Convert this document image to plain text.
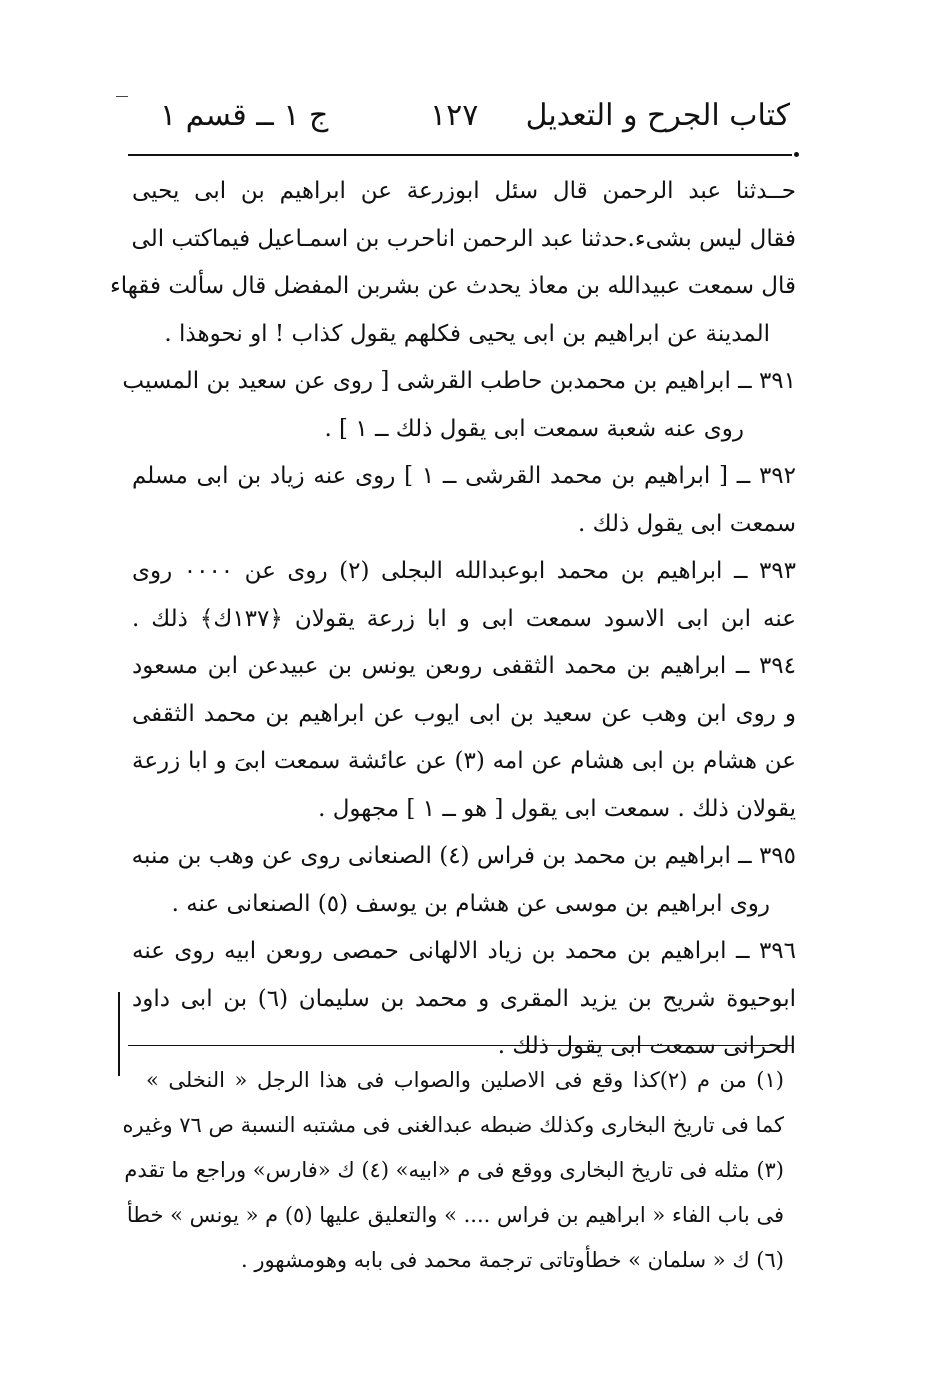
كتاب الجرح و التعديل
١٢٧
ج ١ ــ قسم ١
حــدثنا عبد الرحمن قال سئل ابوزرعة عن ابراهيم بن ابى يحيى
فقال ليس بشىء.حدثنا عبد الرحمن اناحرب بن اسمـاعيل فيماكتب الى
قال سمعت عبيدالله بن معاذ يحدث عن بشربن المفضل قال سألت فقهاء
المدينة عن ابراهيم بن ابى يحيى فكلهم يقول كذاب ! او نحوهذا .
٣٩١ ــ ابراهيم بن محمدبن حاطب القرشى [ روى عن سعيد بن المسيب
روى عنه شعبة سمعت ابى يقول ذلك ــ ١ ] .
٣٩٢ ــ [ ابراهيم بن محمد القرشى ــ ١ ] روى عنه زياد بن ابى مسلم
سمعت ابى يقول ذلك .
٣٩٣ ــ ابراهيم بن محمد ابوعبدالله البجلى (٢) روى عن ٠٠٠٠ روى
عنه ابن ابى الاسود سمعت ابى و ابا زرعة يقولان ﴿١٣٧ك﴾ ذلك .
٣٩٤ ــ ابراهيم بن محمد الثقفى روىعن يونس بن عبيدعن ابن مسعود
و روى ابن وهب عن سعيد بن ابى ايوب عن ابراهيم بن محمد الثقفى
عن هشام بن ابى هشام عن امه (٣) عن عائشة سمعت ابىَ و ابا زرعة
يقولان ذلك . سمعت ابى يقول [ هو ــ ١ ] مجهول .
٣٩٥ ــ ابراهيم بن محمد بن فراس (٤) الصنعانى روى عن وهب بن منبه
روى ابراهيم بن موسى عن هشام بن يوسف (٥) الصنعانى عنه .
٣٩٦ ــ ابراهيم بن محمد بن زياد الالهانى حمصى روىعن ابيه روى عنه
ابوحيوة شريح بن يزيد المقرى و محمد بن سليمان (٦) بن ابى داود
الحرانى سمعت ابى يقول ذلك .
(١) من م (٢)كذا وقع فى الاصلين والصواب فى هذا الرجل « النخلى »
كما فى تاريخ البخارى وكذلك ضبطه عبدالغنى فى مشتبه النسبة ص ٧٦ وغيره
(٣) مثله فى تاريخ البخارى ووقع فى م «ابيه» (٤) ك «فارس» وراجع ما تقدم
فى باب الفاء « ابراهيم بن فراس .... » والتعليق عليها (٥) م « يونس » خطأ
(٦) ك « سلمان » خطأوتاتى ترجمة محمد فى بابه وهومشهور .
